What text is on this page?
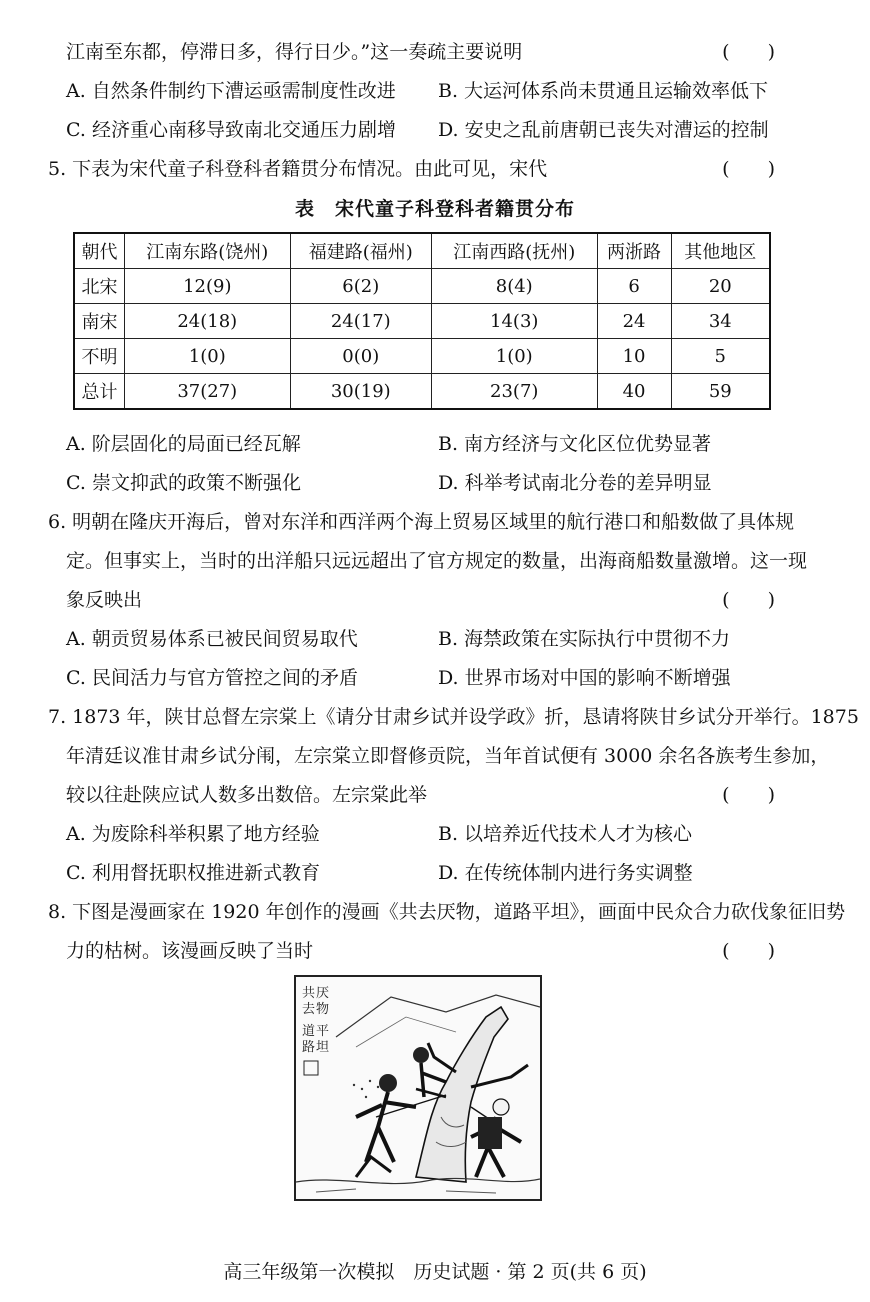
江南至东都，停滞日多，得行日少。”这一奏疏主要说明	(　　)
A. 自然条件制约下漕运亟需制度性改进 B. 大运河体系尚未贯通且运输效率低下
C. 经济重心南移导致南北交通压力剧增 D. 安史之乱前唐朝已丧失对漕运的控制
5. 下表为宋代童子科登科者籍贯分布情况。由此可见，宋代	(　　)
表　宋代童子科登科者籍贯分布
朝代	江南东路(饶州)	福建路(福州)	江南西路(抚州)	两浙路	其他地区
北宋	12(9)	6(2)	8(4)	6	20
南宋	24(18)	24(17)	14(3)	24	34
不明	1(0)	0(0)	1(0)	10	5
总计	37(27)	30(19)	23(7)	40	59
A. 阶层固化的局面已经瓦解	B. 南方经济与文化区位优势显著
C. 崇文抑武的政策不断强化	D. 科举考试南北分卷的差异明显
6. 明朝在隆庆开海后，曾对东洋和西洋两个海上贸易区域里的航行港口和船数做了具体规
定。但事实上，当时的出洋船只远远超出了官方规定的数量，出海商船数量激增。这一现
象反映出	(　　)
A. 朝贡贸易体系已被民间贸易取代	B. 海禁政策在实际执行中贯彻不力
C. 民间活力与官方管控之间的矛盾	D. 世界市场对中国的影响不断增强
7. 1873 年，陕甘总督左宗棠上《请分甘肃乡试并设学政》折，恳请将陕甘乡试分开举行。1875
年清廷议准甘肃乡试分闱，左宗棠立即督修贡院，当年首试便有 3000 余名各族考生参加，
较以往赴陕应试人数多出数倍。左宗棠此举	(　　)
A. 为废除科举积累了地方经验	B. 以培养近代技术人才为核心
C. 利用督抚职权推进新式教育	D. 在传统体制内进行务实调整
8. 下图是漫画家在 1920 年创作的漫画《共去厌物，道路平坦》，画面中民众合力砍伐象征旧势
力的枯树。该漫画反映了当时	(　　)
共
去
厌
物
道
路
平
坦
高三年级第一次模拟　历史试题 · 第 2 页(共 6 页)
